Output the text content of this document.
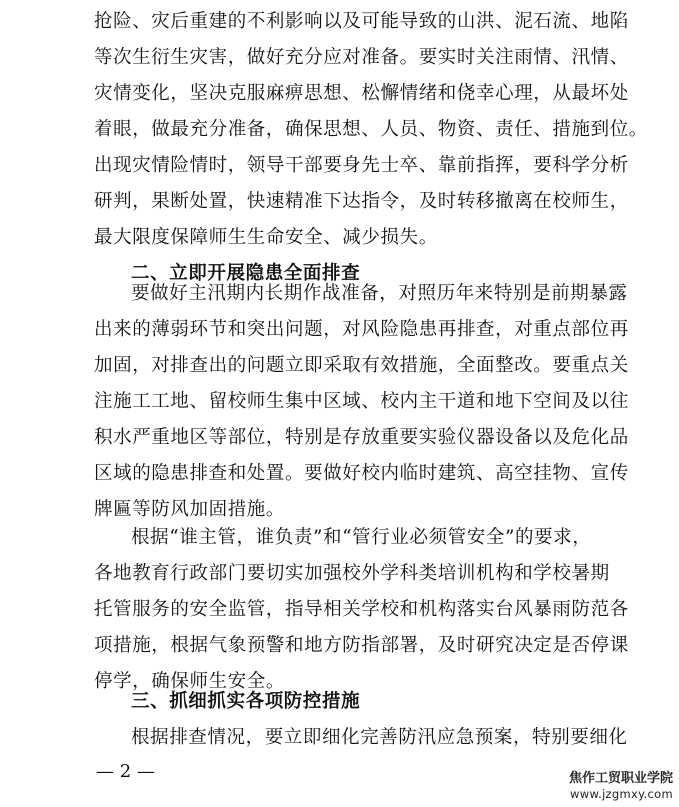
抢险、灾后重建的不利影响以及可能导致的山洪、泥石流、地陷
等次生衍生灾害，做好充分应对准备。要实时关注雨情、汛情、
灾情变化，坚决克服麻痹思想、松懈情绪和侥幸心理，从最坏处
着眼，做最充分准备，确保思想、人员、物资、责任、措施到位。
出现灾情险情时，领导干部要身先士卒、靠前指挥，要科学分析
研判，果断处置，快速精准下达指令，及时转移撤离在校师生，
最大限度保障师生生命安全、减少损失。
二、立即开展隐患全面排查
要做好主汛期内长期作战准备，对照历年来特别是前期暴露
出来的薄弱环节和突出问题，对风险隐患再排查，对重点部位再
加固，对排查出的问题立即采取有效措施，全面整改。要重点关
注施工工地、留校师生集中区域、校内主干道和地下空间及以往
积水严重地区等部位，特别是存放重要实验仪器设备以及危化品
区域的隐患排查和处置。要做好校内临时建筑、高空挂物、宣传
牌匾等防风加固措施。
根据“谁主管，谁负责”和“管行业必须管安全”的要求，
各地教育行政部门要切实加强校外学科类培训机构和学校暑期
托管服务的安全监管，指导相关学校和机构落实台风暴雨防范各
项措施，根据气象预警和地方防指部署，及时研究决定是否停课
停学，确保师生安全。
三、抓细抓实各项防控措施
根据排查情况，要立即细化完善防汛应急预案，特别要细化
— 2 —	焦作工贸职业学院
www.jzgmxy.com
